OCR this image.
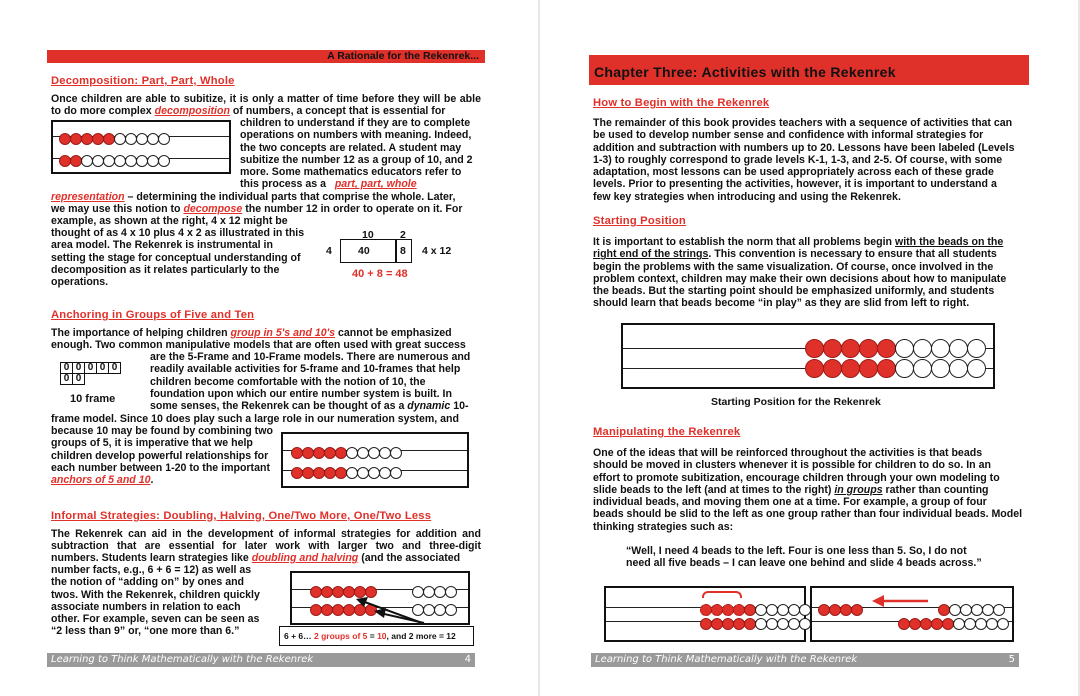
A Rationale for the Rekenrek...
Decomposition: Part, Part, Whole
Once children are able to subitize, it is only a matter of time before they will be able
to do more complex decomposition of numbers, a concept that is essential for
children to understand if they are to complete
operations on numbers with meaning. Indeed,
the two concepts are related. A student may
subitize the number 12 as a group of 10, and 2
more. Some mathematics educators refer to
this process as a part, part, whole
representation – determining the individual parts that comprise the whole. Later,
we may use this notion to decompose the number 12 in order to operate on it. For
example, as shown at the right, 4 x 12 might be
thought of as 4 x 10 plus 4 x 2 as illustrated in this
area model. The Rekenrek is instrumental in
setting the stage for conceptual understanding of
decomposition as it relates particularly to the
operations.
10	2
4 40	8 4 x 12
40 + 8 = 48
Anchoring in Groups of Five and Ten
The importance of helping children group in 5's and 10's cannot be emphasized
enough. Two common manipulative models that are often used with great success
0	0	0	0	0
0	0			
10 frame
are the 5-Frame and 10-Frame models. There are numerous and
readily available activities for 5-frame and 10-frames that help
children become comfortable with the notion of 10, the
foundation upon which our entire number system is built. In
some senses, the Rekenrek can be thought of as a dynamic 10-
frame model. Since 10 does play such a large role in our numeration system, and
because 10 may be found by combining two
groups of 5, it is imperative that we help
children develop powerful relationships for
each number between 1-20 to the important
anchors of 5 and 10.
Informal Strategies: Doubling, Halving, One/Two More, One/Two Less
The Rekenrek can aid in the development of informal strategies for addition and
subtraction that are essential for later work with larger two and three-digit
numbers. Students learn strategies like doubling and halving (and the associated
number facts, e.g., 6 + 6 = 12) as well as
the notion of “adding on” by ones and
twos. With the Rekenrek, children quickly
associate numbers in relation to each
other. For example, seven can be seen as
“2 less than 9” or, “one more than 6.”	6 + 6… 2 groups of 5 = 10, and 2 more = 12
Learning to Think Mathematically with the Rekenrek	4
Chapter Three: Activities with the Rekenrek
How to Begin with the Rekenrek
The remainder of this book provides teachers with a sequence of activities that can
be used to develop number sense and confidence with informal strategies for
addition and subtraction with numbers up to 20. Lessons have been labeled (Levels
1-3) to roughly correspond to grade levels K-1, 1-3, and 2-5. Of course, with some
adaptation, most lessons can be used appropriately across each of these grade
levels. Prior to presenting the activities, however, it is important to understand a
few key strategies when introducing and using the Rekenrek.
Starting Position
It is important to establish the norm that all problems begin with the beads on the
right end of the strings. This convention is necessary to ensure that all students
begin the problems with the same visualization. Of course, once involved in the
problem context, children may make their own decisions about how to manipulate
the beads. But the starting point should be emphasized uniformly, and students
should learn that beads become “in play” as they are slid from left to right.
Starting Position for the Rekenrek
Manipulating the Rekenrek
One of the ideas that will be reinforced throughout the activities is that beads
should be moved in clusters whenever it is possible for children to do so. In an
effort to promote subitization, encourage children through your own modeling to
slide beads to the left (and at times to the right) in groups rather than counting
individual beads, and moving them one at a time. For example, a group of four
beads should be slid to the left as one group rather than four individual beads. Model
thinking strategies such as:
“Well, I need 4 beads to the left. Four is one less than 5. So, I do not
need all five beads – I can leave one behind and slide 4 beads across.”
Learning to Think Mathematically with the Rekenrek	5
